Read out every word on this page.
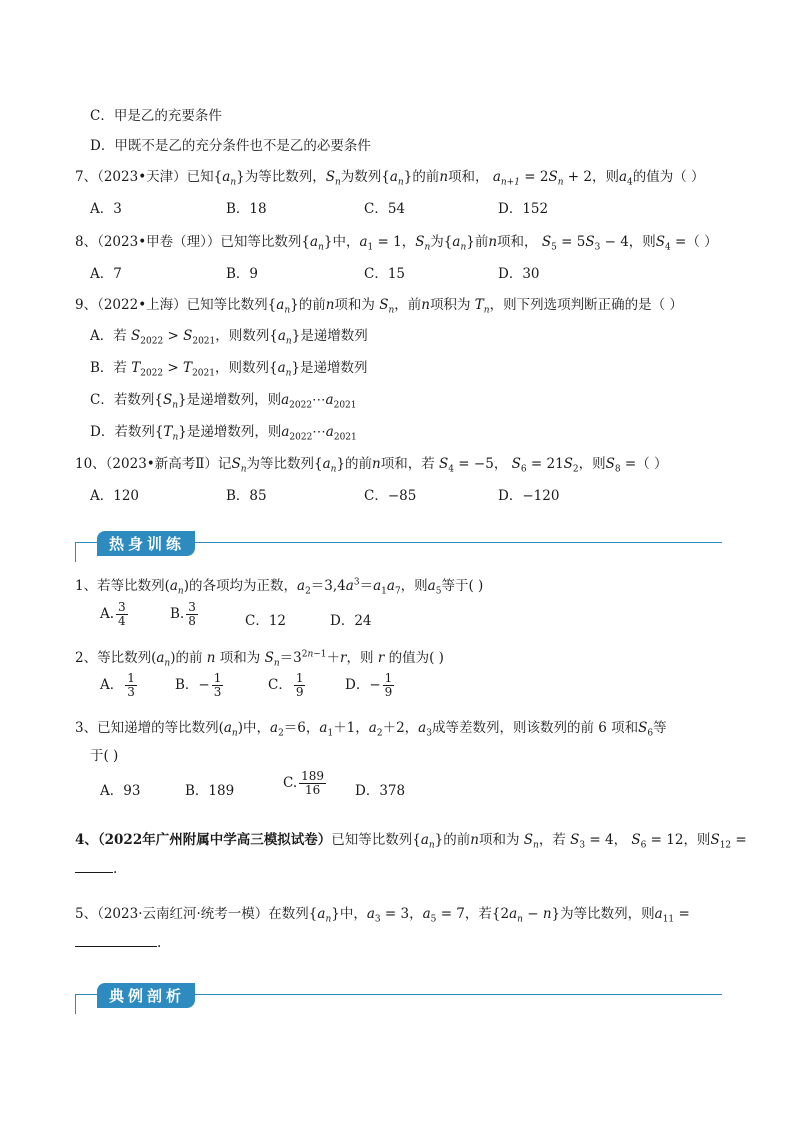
C．甲是乙的充要条件
D．甲既不是乙的充分条件也不是乙的必要条件
7、（2023•天津）已知$\{a_n\}$为等比数列，$S_n$为数列$\{a_n\}$的前n项和， $a_{n+1} = 2S_n + 2$，则$a_4$的值为（ ）
A．3	B．18	C．54	D．152
8、（2023•甲卷（理））已知等比数列$\{a_n\}$中，$a_1 = 1$，$S_n$为$\{a_n\}$前n项和， $S_5 = 5S_3 - 4$，则$S_4$ =（ ）
A．7	B．9	C．15	D．30
9、（2022•上海）已知等比数列$\{a_n\}$的前n项和为 $S_n$，前n项积为 $T_n$，则下列选项判断正确的是（ ）
A．若 $S_{2022} > S_{2021}$，则数列$\{a_n\}$是递增数列
B．若 $T_{2022} > T_{2021}$，则数列$\{a_n\}$是递增数列
C．若数列$\{S_n\}$是递增数列，则$a_{2022}\cdots a_{2021}$
D．若数列$\{T_n\}$是递增数列，则$a_{2022}\cdots a_{2021}$
10、（2023•新高考Ⅱ）记$S_n$为等比数列$\{a_n\}$的前n项和，若 $S_4 = -5$， $S_6 = 21S_2$，则$S_8$ =（ ）
A．120	B．85	C．−85	D．−120
热身训练
1、若等比数列$(a_n)$的各项均为正数，$a_2=3,4a^3=a_1a_7$，则$a_5$等于( )
A. $\frac{3}{4}$	B. $\frac{3}{8}$	C．12	D．24
2、等比数列$(a_n)$的前 n 项和为 $S_n=3^{2n-1}+r$，则 r 的值为( )
A． $\frac{1}{3}$	B．− $\frac{1}{3}$	C． $\frac{1}{9}$	D．− $\frac{1}{9}$
3、已知递增的等比数列$(a_n)$中，$a_2=6$，$a_1+1$，$a_2+2$，$a_3$成等差数列，则该数列的前 6 项和$S_6$等
于( )
A．93	B．189	C. $\frac{189}{16}$ D．378
4、（2022年广州附属中学高三模拟试卷）已知等比数列$\{a_n\}$的前n项和为 $S_n$，若 $S_3 = 4$， $S_6 = 12$，则$S_{12}$ =
.
5、（2023·云南红河·统考一模）在数列$\{a_n\}$中，$a_3 = 3$，$a_5 = 7$，若$\{2a_n - n\}$为等比数列，则$a_{11}$ =
.
典例剖析
